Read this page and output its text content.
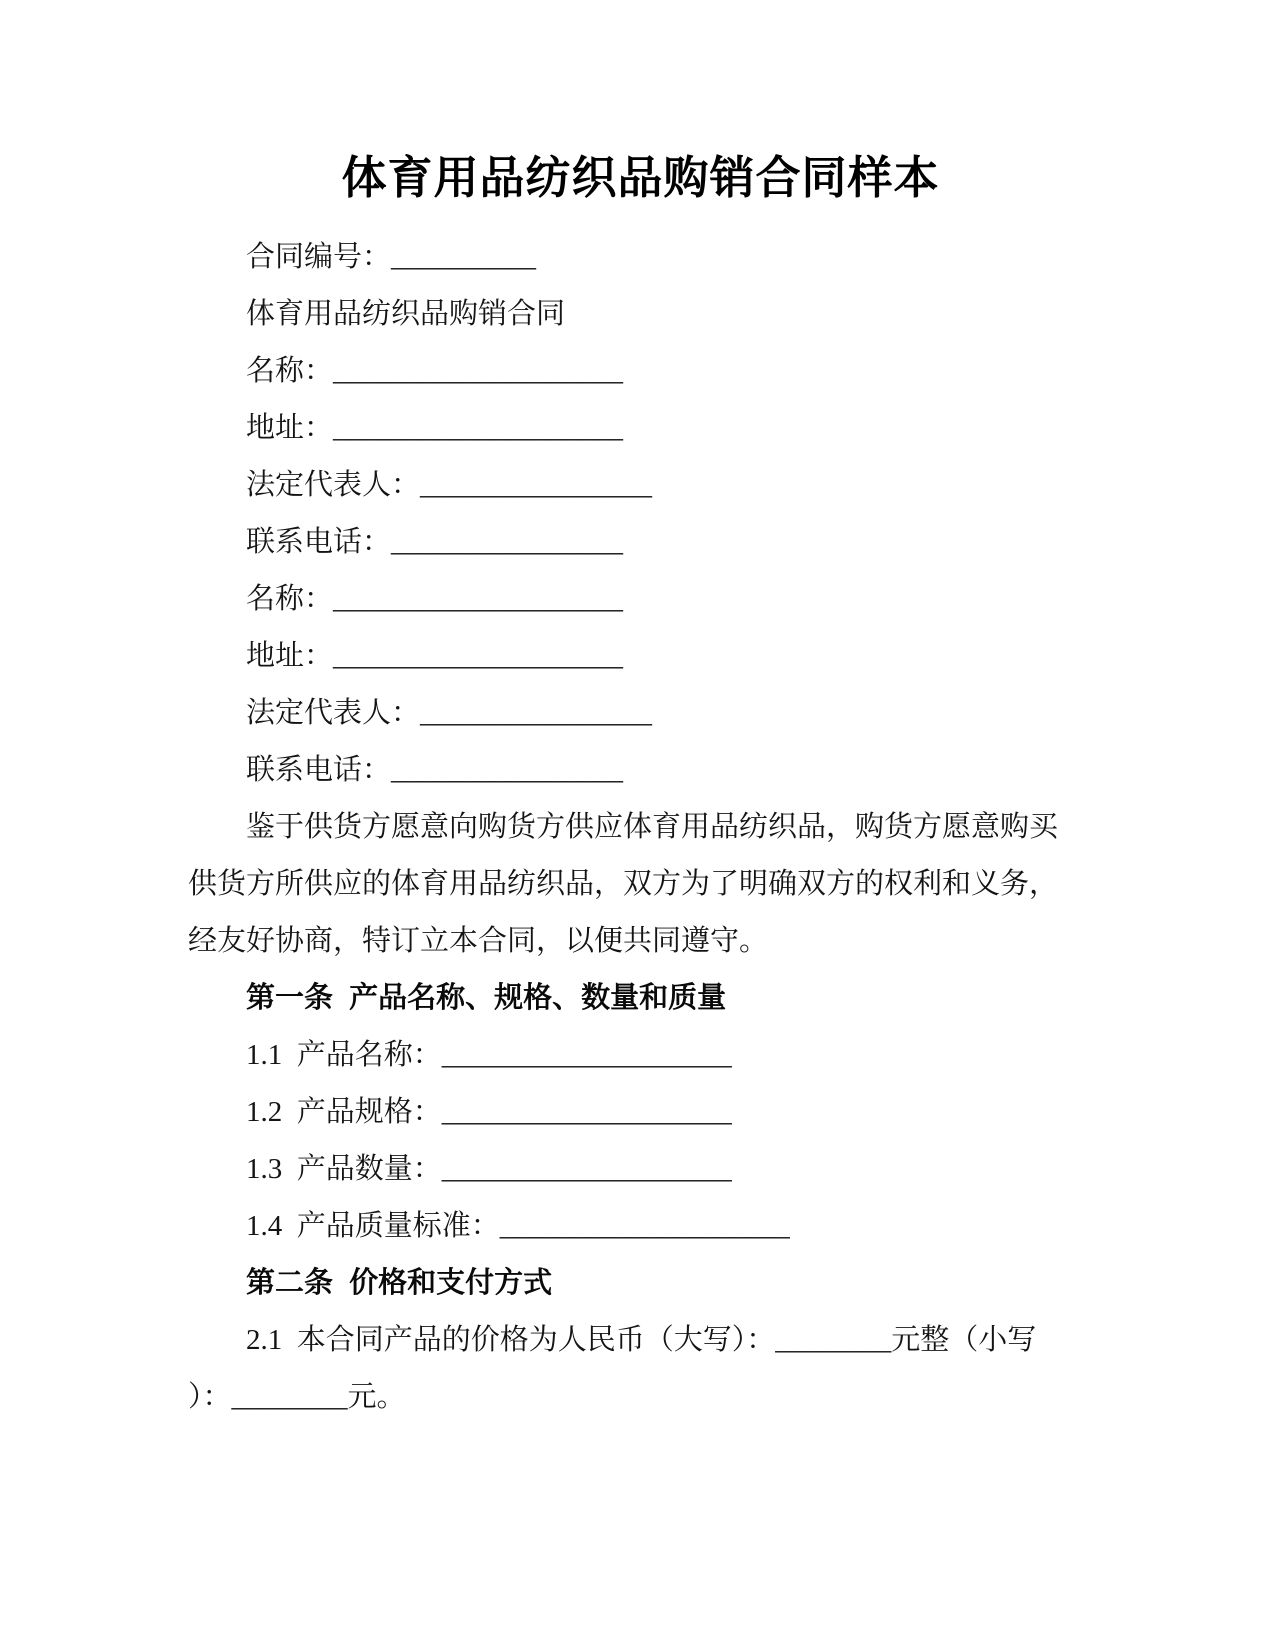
体育用品纺织品购销合同样本
合同编号：__________
体育用品纺织品购销合同
名称：____________________
地址：____________________
法定代表人：________________
联系电话：________________
名称：____________________
地址：____________________
法定代表人：________________
联系电话：________________
鉴于供货方愿意向购货方供应体育用品纺织品，购货方愿意购买
供货方所供应的体育用品纺织品，双方为了明确双方的权利和义务，
经友好协商，特订立本合同，以便共同遵守。
第一条  产品名称、规格、数量和质量
1.1  产品名称：____________________
1.2  产品规格：____________________
1.3  产品数量：____________________
1.4  产品质量标准：____________________
第二条  价格和支付方式
2.1  本合同产品的价格为人民币（大写）：________元整（小写
）：________元。
